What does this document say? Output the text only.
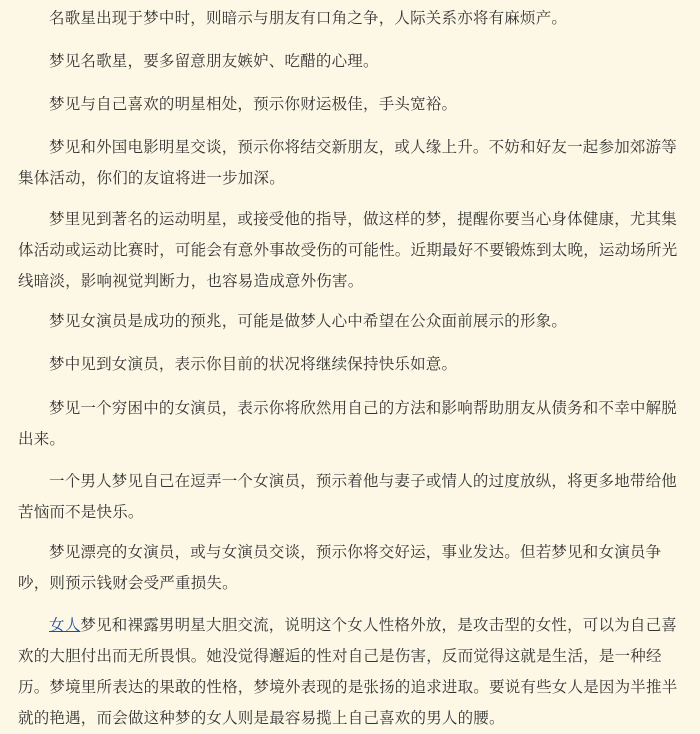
名歌星出现于梦中时，则暗示与朋友有口角之争，人际关系亦将有麻烦产。

梦见名歌星，要多留意朋友嫉妒、吃醋的心理。

梦见与自己喜欢的明星相处，预示你财运极佳，手头宽裕。

梦见和外国电影明星交谈，预示你将结交新朋友，或人缘上升。不妨和好友一起参加郊游等集体活动，你们的友谊将进一步加深。

梦里见到著名的运动明星，或接受他的指导，做这样的梦，提醒你要当心身体健康，尤其集体活动或运动比赛时，可能会有意外事故受伤的可能性。近期最好不要锻炼到太晚，运动场所光线暗淡，影响视觉判断力，也容易造成意外伤害。

梦见女演员是成功的预兆，可能是做梦人心中希望在公众面前展示的形象。

梦中见到女演员，表示你目前的状况将继续保持快乐如意。

梦见一个穷困中的女演员，表示你将欣然用自己的方法和影响帮助朋友从债务和不幸中解脱出来。

一个男人梦见自己在逗弄一个女演员，预示着他与妻子或情人的过度放纵，将更多地带给他苦恼而不是快乐。

梦见漂亮的女演员，或与女演员交谈，预示你将交好运，事业发达。但若梦见和女演员争吵，则预示钱财会受严重损失。

女人梦见和裸露男明星大胆交流，说明这个女人性格外放，是攻击型的女性，可以为自己喜欢的大胆付出而无所畏惧。她没觉得邂逅的性对自己是伤害，反而觉得这就是生活，是一种经历。梦境里所表达的果敢的性格，梦境外表现的是张扬的追求进取。要说有些女人是因为半推半就的艳遇，而会做这种梦的女人则是最容易揽上自己喜欢的男人的腰。
